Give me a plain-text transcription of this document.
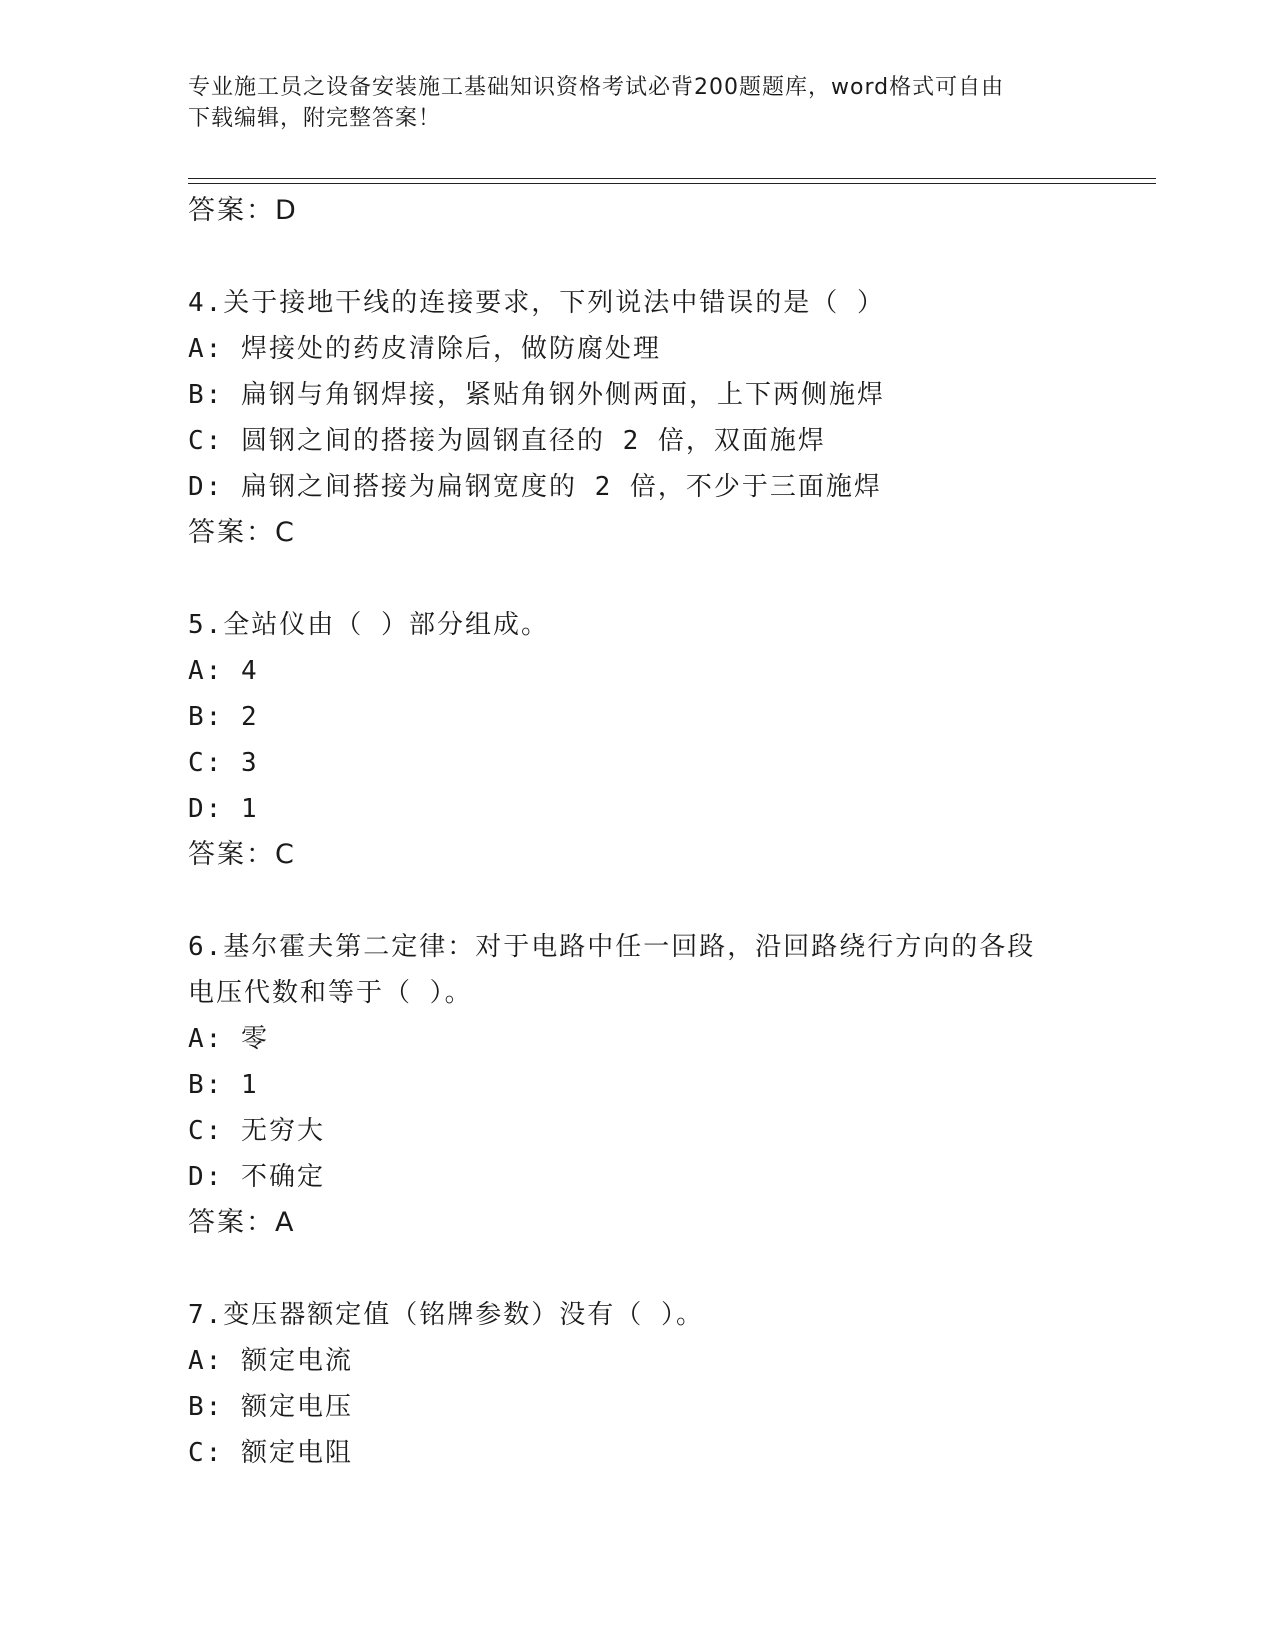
专业施工员之设备安装施工基础知识资格考试必背200题题库，word格式可自由
下载编辑，附完整答案！
答案：D
4.关于接地干线的连接要求，下列说法中错误的是（ ）
A: 焊接处的药皮清除后，做防腐处理
B: 扁钢与角钢焊接，紧贴角钢外侧两面，上下两侧施焊
C: 圆钢之间的搭接为圆钢直径的 2 倍，双面施焊
D: 扁钢之间搭接为扁钢宽度的 2 倍，不少于三面施焊
答案：C
5.全站仪由（ ）部分组成。
A: 4
B: 2
C: 3
D: 1
答案：C
6.基尔霍夫第二定律：对于电路中任一回路，沿回路绕行方向的各段
电压代数和等于（ ）。
A: 零
B: 1
C: 无穷大
D: 不确定
答案：A
7.变压器额定值（铭牌参数）没有（ ）。
A: 额定电流
B: 额定电压
C: 额定电阻
